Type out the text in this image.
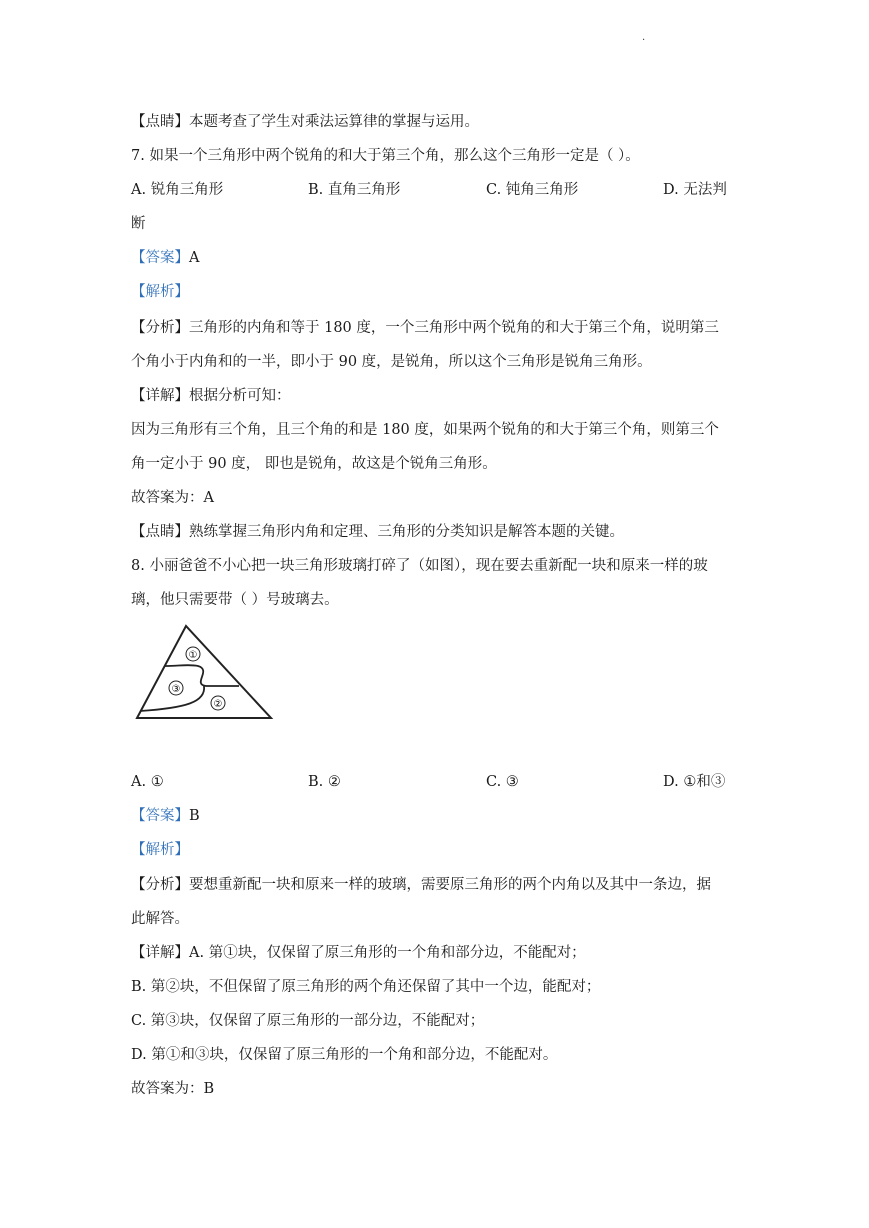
.
【点睛】本题考查了学生对乘法运算律的掌握与运用。
7. 如果一个三角形中两个锐角的和大于第三个角，那么这个三角形一定是（ ）。
A. 锐角三角形	B. 直角三角形	C. 钝角三角形	D. 无法判
断
【答案】A
【解析】
【分析】三角形的内角和等于 180 度，一个三角形中两个锐角的和大于第三个角，说明第三
个角小于内角和的一半，即小于 90 度，是锐角，所以这个三角形是锐角三角形。
【详解】根据分析可知：
因为三角形有三个角，且三个角的和是 180 度，如果两个锐角的和大于第三个角，则第三个
角一定小于 90 度， 即也是锐角，故这是个锐角三角形。
故答案为：A
【点睛】熟练掌握三角形内角和定理、三角形的分类知识是解答本题的关键。
8. 小丽爸爸不小心把一块三角形玻璃打碎了（如图），现在要去重新配一块和原来一样的玻
璃，他只需要带（ ）号玻璃去。
①
③
②
A. ①	B. ②	C. ③	D. ①和③
【答案】B
【解析】
【分析】要想重新配一块和原来一样的玻璃，需要原三角形的两个内角以及其中一条边，据
此解答。
【详解】A. 第①块，仅保留了原三角形的一个角和部分边，不能配对；
B. 第②块，不但保留了原三角形的两个角还保留了其中一个边，能配对；
C. 第③块，仅保留了原三角形的一部分边，不能配对；
D. 第①和③块，仅保留了原三角形的一个角和部分边，不能配对。
故答案为：B
